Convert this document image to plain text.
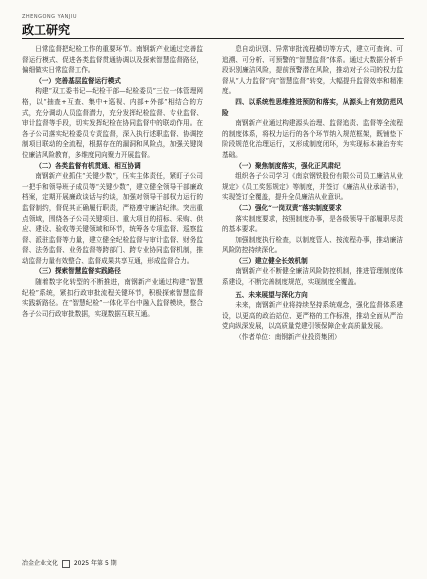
ZHENGONG YANJIU
政工研究

日常监督把纪检工作的重要环节。南钢新产业通过完善监督运行模式、促进各类监督贯通协调以及探索智慧监督路径，偏细做实日常监督工作。

（一）完善基层监督运行模式

构建“双工委书记—纪检干部—纪检委员”三位一体管理网格，以“抽查+互查、集中+巡视、内部+外部”相结合的方式，充分调动人员监督潜力，充分发挥纪检监督、专业监督、审计监督等手段，切实发挥纪检在协同监督中的联动作用。在各子公司落实纪检委员专责监督，深入执行述职监督、协调控制项目联动的全流程，根据存在的漏洞和风险点，加强关键岗位廉洁风险教育，多维度同向聚力开展监督。

（二）各类监督有机贯通、相互协调

南钢新产业抓住“关键少数”，压实主体责任，紧盯子公司一把手和领导班子成员等“关键少数”，建立健全领导干部廉政档案，定期开展廉政谈话与约谈，加强对领导干部权力运行的监督制约，督促其正确履行职责，严格遵守廉洁纪律。突出重点领域，围绕各子公司关键项目、重大项目的招标、采购、供应、建设、验收等关键领域和环节，统筹各专项监督、巡察监督、派驻监督等力量，建立健全纪检监督与审计监督、财务监督、法务监督、业务监督等跨部门、跨专业协同监督机制，推动监督力量有效整合、监督成果共享互通，形成监督合力。

（三）探索智慧监督实践路径

随着数字化转型的不断推进，南钢新产业通过构建“智慧纪检”系统，紧扣行政审批流程关键环节，积极探索智慧监督实践新路径。在“智慧纪检”一体化平台中融入监督模块，整合各子公司行政审批数据，实现数据互联互通。

息自动识别、异常审批流程横切等方式，建立可查询、可追溯、可分析、可预警的“智慧监督”体系。通过大数据分析手段识别廉洁风险，提前预警潜在风险，推动对子公司的权力监督从“人力监督”向“智慧监督”转变，大幅提升监督效率和精准度。

四、以系统性思维推进预防和落实，从源头上有效防范风险

南钢新产业通过构建源头治理、监督追责、监督等全流程的制度体系，将权力运行的各个环节纳入规范框架，既铺垫下阶段规范化治理运行，又形成制度闭环，为实现标本兼治夯实基础。

（一）聚焦制度落实，强化正风肃纪

组织各子公司学习《南京钢铁股份有限公司员工廉洁从业规定》《员工奖惩规定》等制度，并签订《廉洁从业承诺书》，实现签订全覆盖，提升全员廉洁从业意识。

（二）强化“一岗双责”落实制度要求

落实制度要求，按照制度办事，是各级领导干部履职尽责的基本要求。

加强制度执行检查，以制度管人、按流程办事，推动廉洁风险防控持续深化。

（三）建立健全长效机制

南钢新产业不断健全廉洁风险防控机制，推进管理制度体系建设，不断完善制度规范，实现制度全覆盖。

五、未来展望与深化方向

未来，南钢新产业将持续坚持系统观念，强化监督体系建设，以更高的政治站位、更严格的工作标准，推动全面从严治党向纵深发展，以高质量党建引领保障企业高质量发展。

（作者单位：南钢新产业投资集团）

冶金企业文化	2025 年第 5 期
